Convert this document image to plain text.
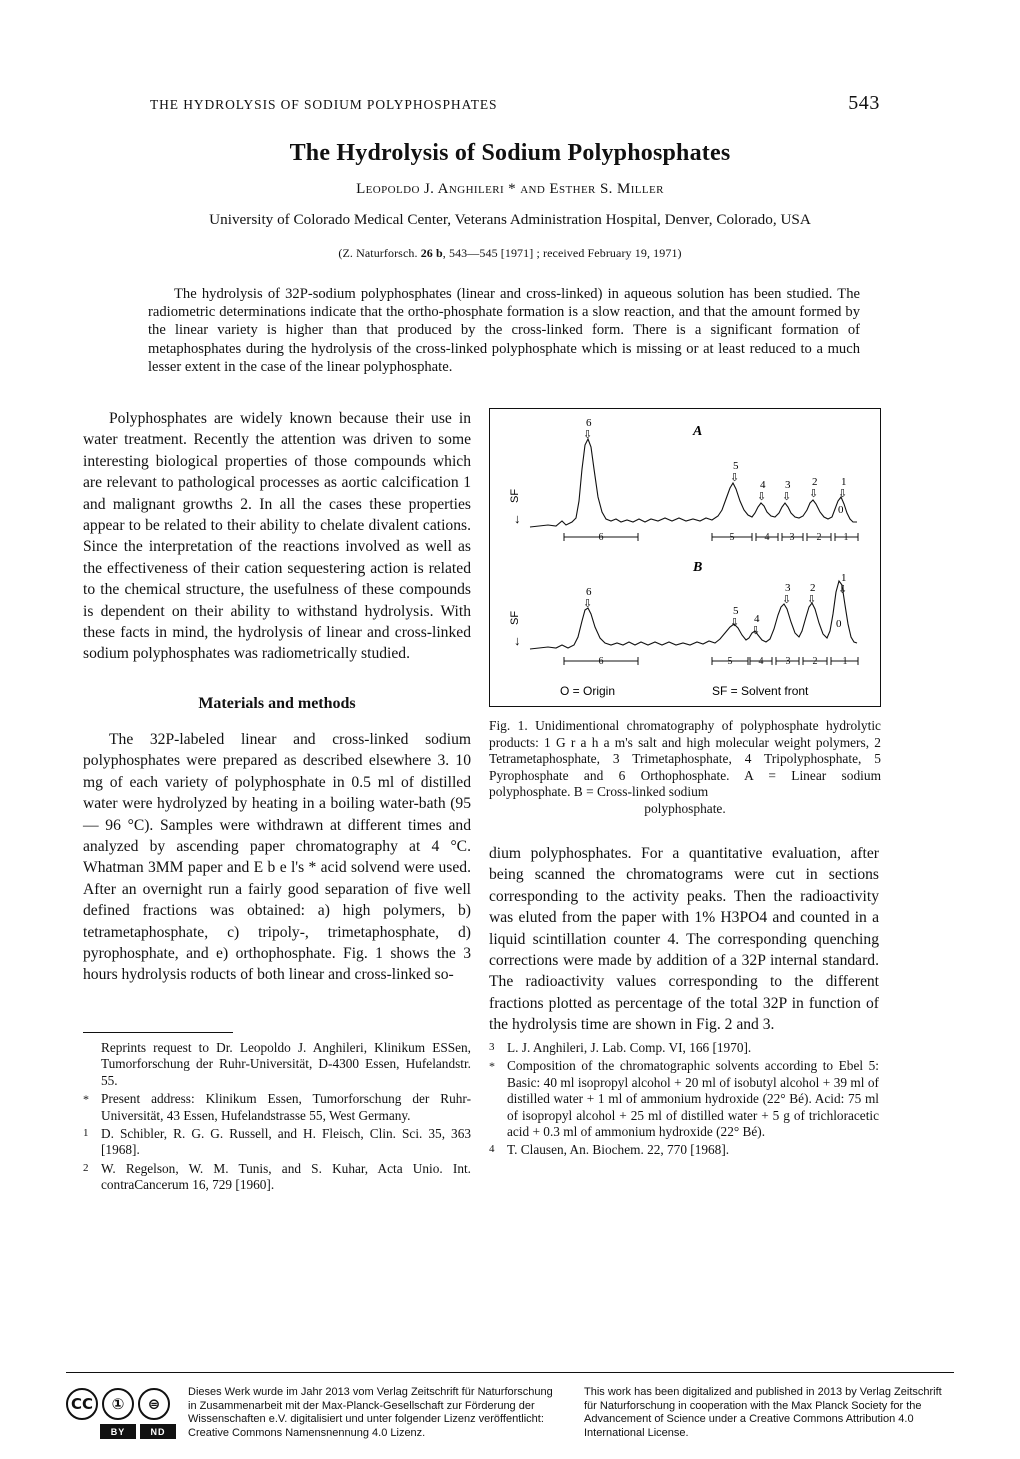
THE HYDROLYSIS OF SODIUM POLYPHOSPHATES	543
The Hydrolysis of Sodium Polyphosphates
Leopoldo J. Anghileri * and Esther S. Miller
University of Colorado Medical Center, Veterans Administration Hospital, Denver, Colorado, USA
(Z. Naturforsch. 26 b, 543—545 [1971] ; received February 19, 1971)
The hydrolysis of 32P-sodium polyphosphates (linear and cross-linked) in aqueous solution has been studied. The radiometric determinations indicate that the ortho-phosphate formation is a slow reaction, and that the amount formed by the linear variety is higher than that produced by the cross-linked form. There is a significant formation of metaphosphates during the hydrolysis of the cross-linked polyphosphate which is missing or at least reduced to a much lesser extent in the case of the linear polyphosphate.

Polyphosphates are widely known because their use in water treatment. Recently the attention was driven to some interesting biological properties of those compounds which are relevant to pathological processes as aortic calcification 1 and malignant growths 2. In all the cases these properties appear to be related to their ability to chelate divalent cations. Since the interpretation of the reactions involved as well as the effectiveness of their cation sequestering action is related to the chemical structure, the usefulness of these compounds is dependent on their ability to withstand hydrolysis. With these facts in mind, the hydrolysis of linear and cross-linked sodium polyphosphates was radiometrically studied.

Materials and methods

The 32P-labeled linear and cross-linked sodium polyphosphates were prepared as described elsewhere 3. 10 mg of each variety of polyphosphate in 0.5 ml of distilled water were hydrolyzed by heating in a boiling water-bath (95 — 96 °C). Samples were withdrawn at different times and analyzed by ascending paper chromatography at 4 °C. Whatman 3MM paper and E b e l's * acid solvend were used. After an overnight run a fairly good separation of five well defined fractions was obtained: a) high polymers, b) tetrametaphosphate, c) tripoly-, trimetaphosphate, d) pyrophosphate, and e) orthophosphate. Fig. 1 shows the 3 hours hydrolysis roducts of both linear and cross-linked so-

A
6
⇩
5
⇩
4
⇩
3
⇩
2
⇩
1
⇩
0
SF
↓
6	5	4 3 2 1
B
6
⇩
5
⇩ 4
⇩
3
⇩
2
⇩
1
⇩
0
SF
↓
6	5	4 3 2	1
O = Origin	SF = Solvent front
Fig. 1. Unidimentional chromatography of polyphosphate hydrolytic products: 1 G r a h a m's salt and high molecular weight polymers, 2 Tetrametaphosphate, 3 Trimetaphosphate, 4 Tripolyphosphate, 5 Pyrophosphate and 6 Orthophosphate. A = Linear sodium polyphosphate. B = Cross-linked sodium
polyphosphate.

dium polyphosphates. For a quantitative evaluation, after being scanned the chromatograms were cut in sections corresponding to the activity peaks. Then the radioactivity was eluted from the paper with 1% H3PO4 and counted in a liquid scintillation counter 4. The corresponding quenching corrections were made by addition of a 32P internal standard. The radioactivity values corresponding to the different fractions plotted as percentage of the total 32P in function of the hydrolysis time are shown in Fig. 2 and 3.

Reprints request to Dr. Leopoldo J. Anghileri, Klinikum ESSen, Tumorforschung der Ruhr-Universität, D-4300 Essen, Hufelandstr. 55.
* Present address: Klinikum Essen, Tumorforschung der Ruhr-Universität, 43 Essen, Hufelandstrasse 55, West Germany.
1 D. Schibler, R. G. G. Russell, and H. Fleisch, Clin. Sci. 35, 363 [1968].
2 W. Regelson, W. M. Tunis, and S. Kuhar, Acta Unio. Int. contraCancerum 16, 729 [1960].
3 L. J. Anghileri, J. Lab. Comp. VI, 166 [1970].
* Composition of the chromatographic solvents according to Ebel 5: Basic: 40 ml isopropyl alcohol + 20 ml of isobutyl alcohol + 39 ml of distilled water + 1 ml of ammonium hydroxide (22° Bé). Acid: 75 ml of isopropyl alcohol + 25 ml of distilled water + 5 g of trichloracetic acid + 0.3 ml of ammonium hydroxide (22° Bé).
4 T. Clausen, An. Biochem. 22, 770 [1968].
CC	①	⊜
BY	ND
Dieses Werk wurde im Jahr 2013 vom Verlag Zeitschrift für Naturforschung in Zusammenarbeit mit der Max-Planck-Gesellschaft zur Förderung der Wissenschaften e.V. digitalisiert und unter folgender Lizenz veröffentlicht: Creative Commons Namensnennung 4.0 Lizenz.
This work has been digitalized and published in 2013 by Verlag Zeitschrift für Naturforschung in cooperation with the Max Planck Society for the Advancement of Science under a Creative Commons Attribution 4.0 International License.
